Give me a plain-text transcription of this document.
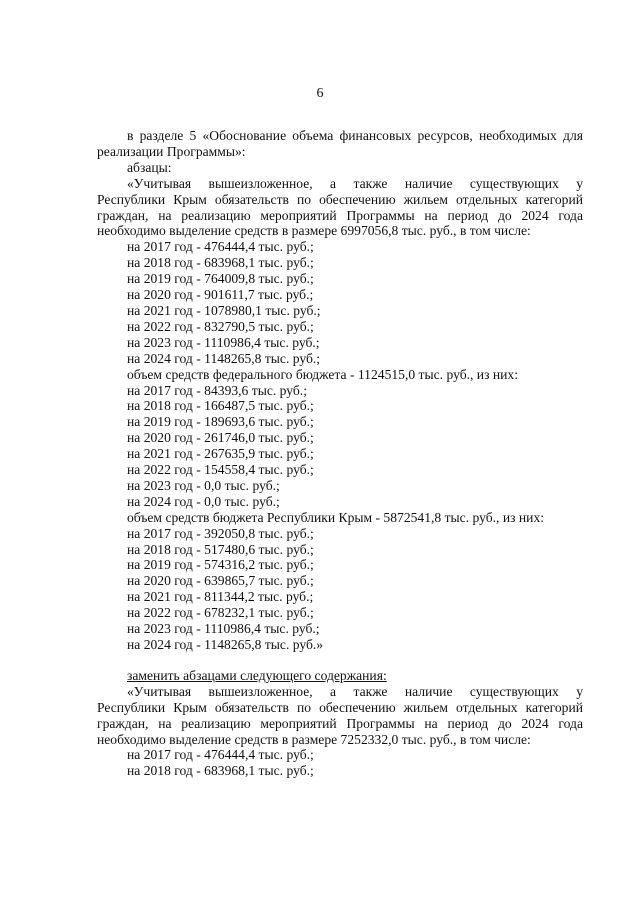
6

в разделе 5 «Обоснование объема финансовых ресурсов, необходимых для

реализации Программы»:

абзацы:

«Учитывая вышеизложенное, а также наличие существующих у

Республики Крым обязательств по обеспечению жильем отдельных категорий

граждан, на реализацию мероприятий Программы на период до 2024 года

необходимо выделение средств в размере 6997056,8 тыс. руб., в том числе:

на 2017 год - 476444,4 тыс. руб.;

на 2018 год - 683968,1 тыс. руб.;

на 2019 год - 764009,8 тыс. руб.;

на 2020 год - 901611,7 тыс. руб.;

на 2021 год - 1078980,1 тыс. руб.;

на 2022 год - 832790,5 тыс. руб.;

на 2023 год - 1110986,4 тыс. руб.;

на 2024 год - 1148265,8 тыс. руб.;

объем средств федерального бюджета - 1124515,0 тыс. руб., из них:

на 2017 год - 84393,6 тыс. руб.;

на 2018 год - 166487,5 тыс. руб.;

на 2019 год - 189693,6 тыс. руб.;

на 2020 год - 261746,0 тыс. руб.;

на 2021 год - 267635,9 тыс. руб.;

на 2022 год - 154558,4 тыс. руб.;

на 2023 год - 0,0 тыс. руб.;

на 2024 год - 0,0 тыс. руб.;

объем средств бюджета Республики Крым - 5872541,8 тыс. руб., из них:

на 2017 год - 392050,8 тыс. руб.;

на 2018 год - 517480,6 тыс. руб.;

на 2019 год - 574316,2 тыс. руб.;

на 2020 год - 639865,7 тыс. руб.;

на 2021 год - 811344,2 тыс. руб.;

на 2022 год - 678232,1 тыс. руб.;

на 2023 год - 1110986,4 тыс. руб.;

на 2024 год - 1148265,8 тыс. руб.»

заменить абзацами следующего содержания:

«Учитывая вышеизложенное, а также наличие существующих у

Республики Крым обязательств по обеспечению жильем отдельных категорий

граждан, на реализацию мероприятий Программы на период до 2024 года

необходимо выделение средств в размере 7252332,0 тыс. руб., в том числе:

на 2017 год - 476444,4 тыс. руб.;

на 2018 год - 683968,1 тыс. руб.;
